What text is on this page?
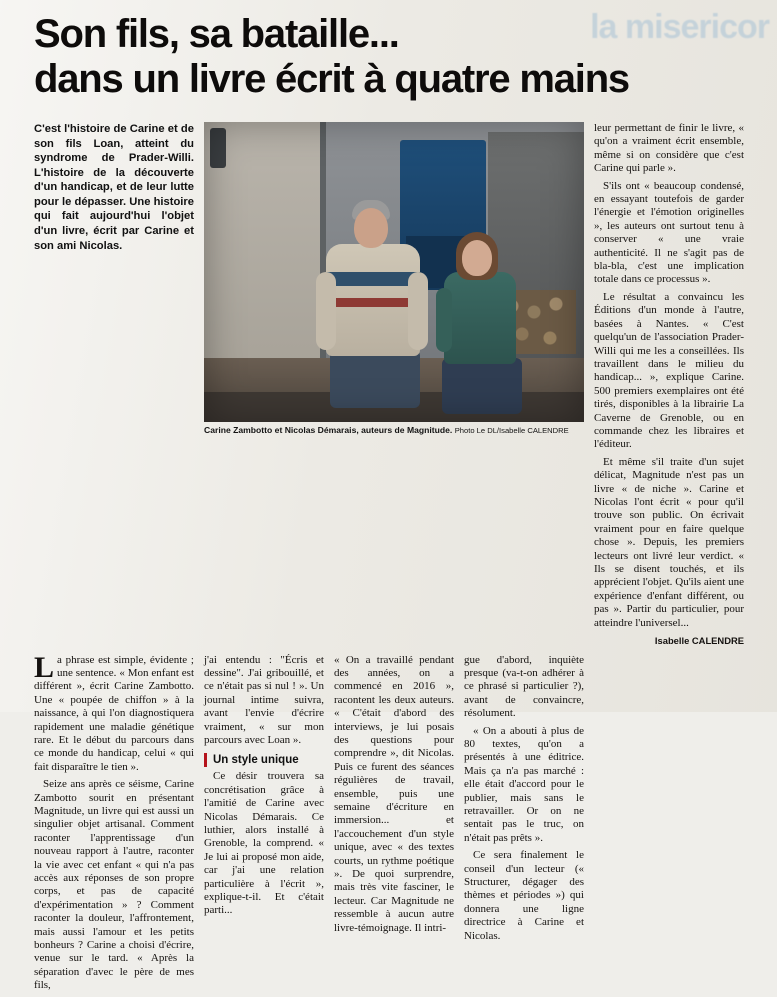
la misericor
Son fils, sa bataille...
dans un livre écrit à quatre mains
C'est l'histoire de Carine et de son fils Loan, atteint du syndrome de Prader-Willi. L'histoire de la découverte d'un handicap, et de leur lutte pour le dépasser. Une histoire qui fait aujourd'hui l'objet d'un livre, écrit par Carine et son ami Nicolas.
Carine Zambotto et Nicolas Démarais, auteurs de Magnitude. Photo Le DL/Isabelle CALENDRE

leur permettant de finir le livre, « qu'on a vraiment écrit ensemble, même si on considère que c'est Carine qui parle ».

S'ils ont « beaucoup condensé, en essayant toutefois de garder l'énergie et l'émotion originelles », les auteurs ont surtout tenu à conserver « une vraie authenticité. Il ne s'agit pas de bla-bla, c'est une implication totale dans ce processus ».

Le résultat a convaincu les Éditions d'un monde à l'autre, basées à Nantes. « C'est quelqu'un de l'association Prader-Willi qui me les a conseillées. Ils travaillent dans le milieu du handicap... », explique Carine. 500 premiers exemplaires ont été tirés, disponibles à la librairie La Caverne de Grenoble, ou en commande chez les libraires et l'éditeur.

Et même s'il traite d'un sujet délicat, Magnitude n'est pas un livre « de niche ». Carine et Nicolas l'ont écrit « pour qu'il trouve son public. On écrivait vraiment pour en faire quelque chose ». Depuis, les premiers lecteurs ont livré leur verdict. « Ils se disent touchés, et ils apprécient l'objet. Qu'ils aient une expérience d'enfant différent, ou pas ». Partir du particulier, pour atteindre l'universel...

Isabelle CALENDRE

La phrase est simple, évidente ; une sentence. « Mon enfant est différent », écrit Carine Zambotto. Une « poupée de chiffon » à la naissance, à qui l'on diagnostiquera rapidement une maladie génétique rare. Et le début du parcours dans ce monde du handicap, celui « qui fait disparaître le tien ».

Seize ans après ce séisme, Carine Zambotto sourit en présentant Magnitude, un livre qui est aussi un singulier objet artisanal. Comment raconter l'apprentissage d'un nouveau rapport à l'autre, raconter la vie avec cet enfant « qui n'a pas accès aux réponses de son propre corps, et pas de capacité d'expérimentation » ? Comment raconter la douleur, l'affrontement, mais aussi l'amour et les petits bonheurs ? Carine a choisi d'écrire, venue sur le tard. « Après la séparation d'avec le père de mes fils,

j'ai entendu : "Écris et dessine". J'ai gribouillé, et ce n'était pas si nul ! ». Un journal intime suivra, avant l'envie d'écrire vraiment, « sur mon parcours avec Loan ».

Un style unique

Ce désir trouvera sa concrétisation grâce à l'amitié de Carine avec Nicolas Démarais. Ce luthier, alors installé à Grenoble, la comprend. « Je lui ai proposé mon aide, car j'ai une relation particulière à l'écrit », explique-t-il. Et c'était parti...

« On a travaillé pendant des années, on a commencé en 2016 », racontent les deux auteurs. « C'était d'abord des interviews, je lui posais des questions pour comprendre », dit Nicolas. Puis ce furent des séances régulières de travail, ensemble, puis une semaine d'écriture en immersion... et l'accouchement d'un style unique, avec « des textes courts, un rythme poétique ». De quoi surprendre, mais très vite fasciner, le lecteur. Car Magnitude ne ressemble à aucun autre livre-témoignage. Il intri-

gue d'abord, inquiète presque (va-t-on adhérer à ce phrasé si particulier ?), avant de convaincre, résolument.

« On a abouti à plus de 80 textes, qu'on a présentés à une éditrice. Mais ça n'a pas marché : elle était d'accord pour le publier, mais sans le retravailler. Or on ne sentait pas le truc, on n'était pas prêts ».

Ce sera finalement le conseil d'un lecteur (« Structurer, dégager des thèmes et périodes ») qui donnera une ligne directrice à Carine et Nicolas.
